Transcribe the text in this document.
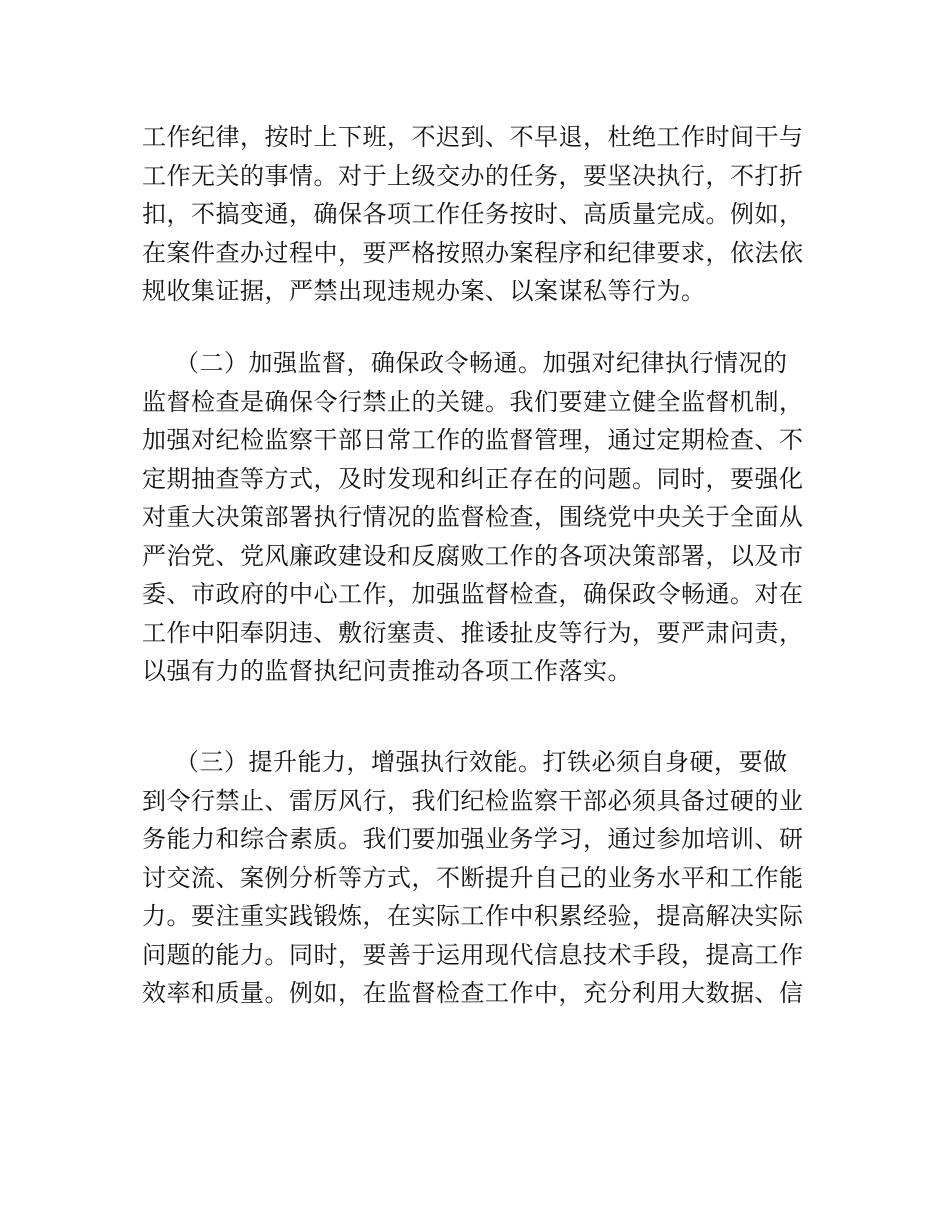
工作纪律，按时上下班，不迟到、不早退，杜绝工作时间干与
工作无关的事情。对于上级交办的任务，要坚决执行，不打折
扣，不搞变通，确保各项工作任务按时、高质量完成。例如，
在案件查办过程中，要严格按照办案程序和纪律要求，依法依
规收集证据，严禁出现违规办案、以案谋私等行为。
（二）加强监督，确保政令畅通。加强对纪律执行情况的
监督检查是确保令行禁止的关键。我们要建立健全监督机制，
加强对纪检监察干部日常工作的监督管理，通过定期检查、不
定期抽查等方式，及时发现和纠正存在的问题。同时，要强化
对重大决策部署执行情况的监督检查，围绕党中央关于全面从
严治党、党风廉政建设和反腐败工作的各项决策部署，以及市
委、市政府的中心工作，加强监督检查，确保政令畅通。对在
工作中阳奉阴违、敷衍塞责、推诿扯皮等行为，要严肃问责，
以强有力的监督执纪问责推动各项工作落实。
（三）提升能力，增强执行效能。打铁必须自身硬，要做
到令行禁止、雷厉风行，我们纪检监察干部必须具备过硬的业
务能力和综合素质。我们要加强业务学习，通过参加培训、研
讨交流、案例分析等方式，不断提升自己的业务水平和工作能
力。要注重实践锻炼，在实际工作中积累经验，提高解决实际
问题的能力。同时，要善于运用现代信息技术手段，提高工作
效率和质量。例如，在监督检查工作中，充分利用大数据、信
